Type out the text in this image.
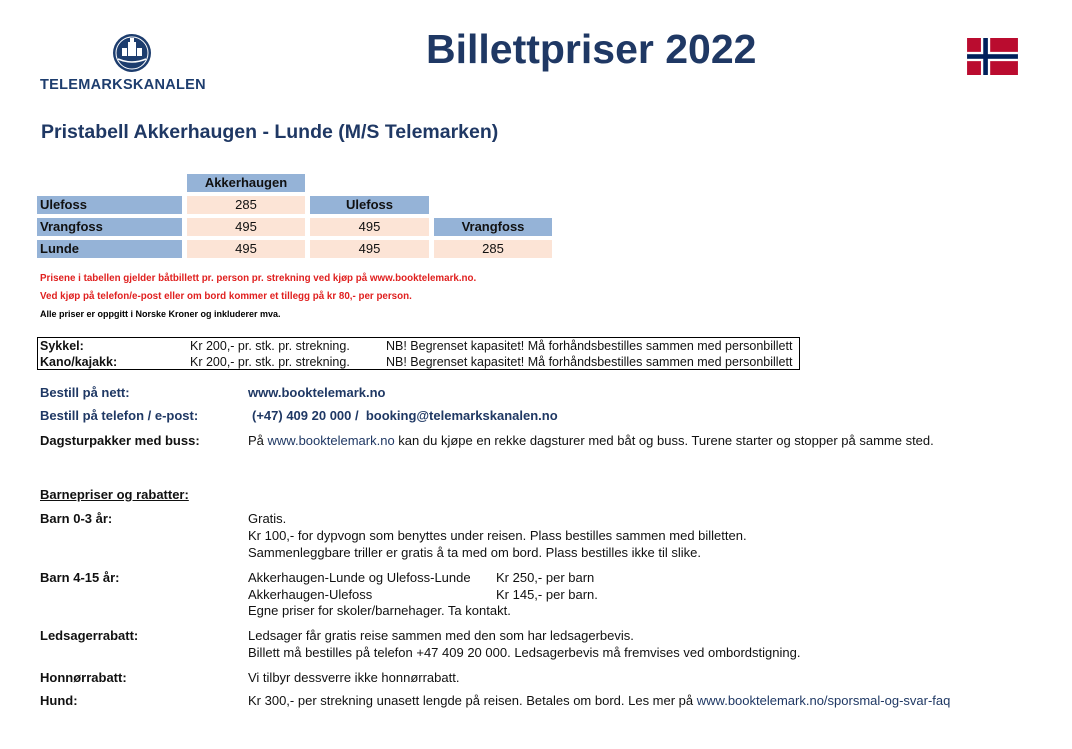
TELEMARKSKANALEN
Billettpriser 2022
Pristabell Akkerhaugen - Lunde (M/S Telemarken)
Akkerhaugen
Ulefoss	285	Ulefoss
Vrangfoss	495	495	Vrangfoss
Lunde	495	495	285
Prisene i tabellen gjelder båtbillett pr. person pr. strekning ved kjøp på www.booktelemark.no.
Ved kjøp på telefon/e-post eller om bord kommer et tillegg på kr 80,- per person.
Alle priser er oppgitt i Norske Kroner og inkluderer mva.
Sykkel:	Kr 200,- pr. stk. pr. strekning.	NB! Begrenset kapasitet! Må forhåndsbestilles sammen med personbillett
Kano/kajakk:	Kr 200,- pr. stk. pr. strekning.	NB! Begrenset kapasitet! Må forhåndsbestilles sammen med personbillett
Bestill på nett:	www.booktelemark.no
Bestill på telefon / e-post:	(+47) 409 20 000 /  booking@telemarkskanalen.no
Dagsturpakker med buss:	På www.booktelemark.no kan du kjøpe en rekke dagsturer med båt og buss. Turene starter og stopper på samme sted.
Barnepriser og rabatter:
Barn 0-3 år:	Gratis.
Kr 100,- for dypvogn som benyttes under reisen. Plass bestilles sammen med billetten.
Sammenleggbare triller er gratis å ta med om bord. Plass bestilles ikke til slike.
Barn 4-15 år:	Akkerhaugen-Lunde og Ulefoss-Lunde Kr 250,- per barn
Akkerhaugen-Ulefoss	Kr 145,- per barn.
Egne priser for skoler/barnehager. Ta kontakt.
Ledsagerrabatt:	Ledsager får gratis reise sammen med den som har ledsagerbevis.
Billett må bestilles på telefon +47 409 20 000. Ledsagerbevis må fremvises ved ombordstigning.
Honnørrabatt:	Vi tilbyr dessverre ikke honnørrabatt.
Hund:	Kr 300,- per strekning unasett lengde på reisen. Betales om bord. Les mer på www.booktelemark.no/sporsmal-og-svar-faq
